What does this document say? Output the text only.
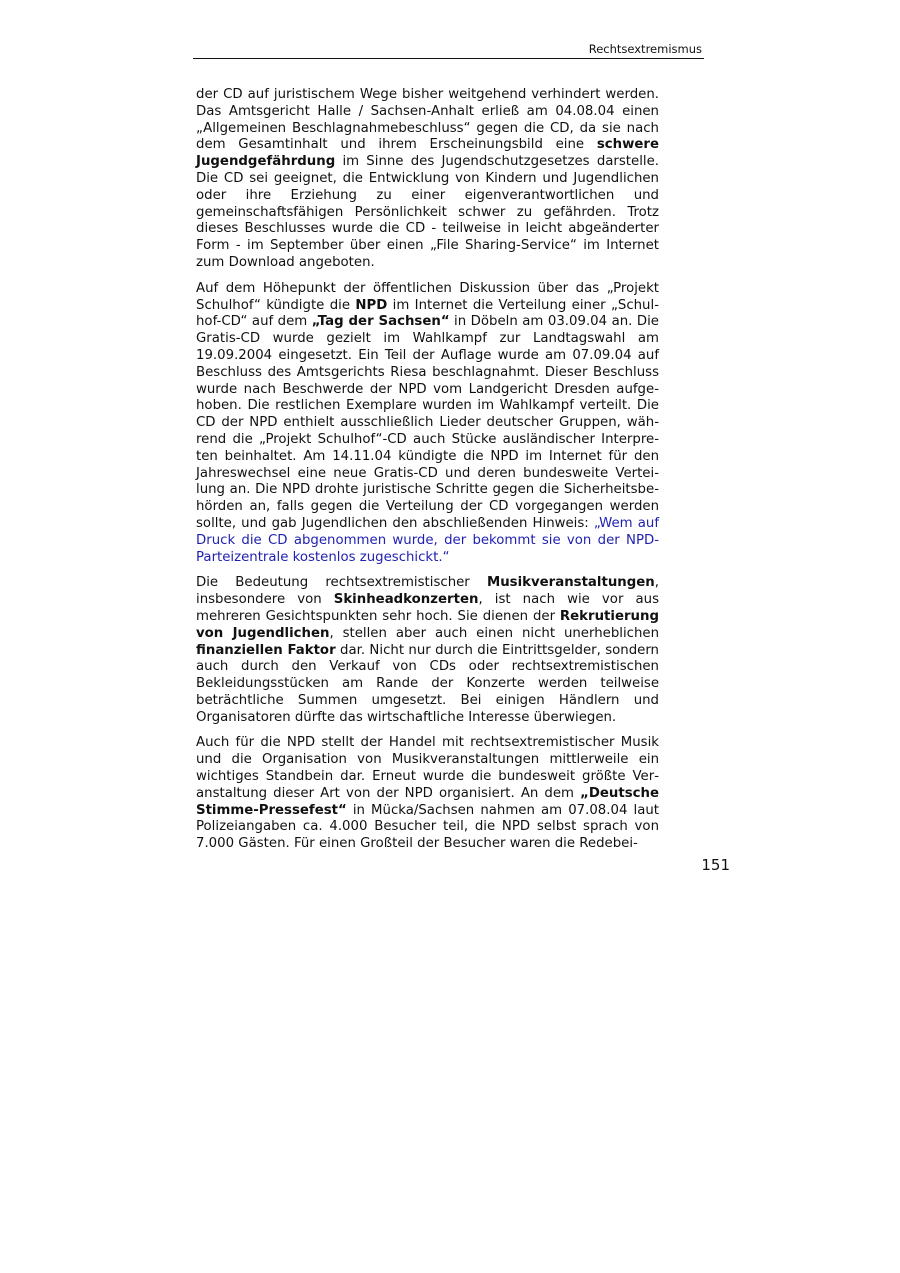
Rechtsextremismus

der CD auf juristischem Wege bisher weitgehend verhindert werden. Das Amtsgericht Halle / Sachsen-Anhalt erließ am 04.08.04 einen „Allgemeinen Beschlagnahmebeschluss“ gegen die CD, da sie nach dem Gesamtinhalt und ihrem Erscheinungsbild eine schwere Jugendgefährdung im Sinne des Jugendschutzgesetzes darstelle. Die CD sei geeignet, die Entwicklung von Kindern und Jugendlichen oder ihre Erziehung zu einer eigenverantwortlichen und gemeinschaftsfähigen Persönlichkeit schwer zu gefährden. Trotz dieses Beschlusses wurde die CD - teilweise in leicht abgeänderter Form - im September über einen „File Sharing-Service“ im Internet zum Download angeboten.

Auf dem Höhepunkt der öffentlichen Diskussion über das „Projekt Schulhof“ kündigte die NPD im Internet die Verteilung einer „Schulhof-CD“ auf dem „Tag der Sachsen“ in Döbeln am 03.09.04 an. Die Gratis-CD wurde gezielt im Wahlkampf zur Landtagswahl am 19.09.2004 eingesetzt. Ein Teil der Auflage wurde am 07.09.04 auf Beschluss des Amtsgerichts Riesa beschlagnahmt. Dieser Beschluss wurde nach Beschwerde der NPD vom Landgericht Dresden aufgehoben. Die restlichen Exemplare wurden im Wahlkampf verteilt. Die CD der NPD enthielt ausschließlich Lieder deutscher Gruppen, während die „Projekt Schulhof“-CD auch Stücke ausländischer Interpreten beinhaltet. Am 14.11.04 kündigte die NPD im Internet für den Jahreswechsel eine neue Gratis-CD und deren bundesweite Verteilung an. Die NPD drohte juristische Schritte gegen die Sicherheitsbehörden an, falls gegen die Verteilung der CD vorgegangen werden sollte, und gab Jugendlichen den abschließenden Hinweis: „Wem auf Druck die CD abgenommen wurde, der bekommt sie von der NPD-Parteizentrale kostenlos zugeschickt.“

Die Bedeutung rechtsextremistischer Musikveranstaltungen, insbesondere von Skinheadkonzerten, ist nach wie vor aus mehreren Gesichtspunkten sehr hoch. Sie dienen der Rekrutierung von Jugendlichen, stellen aber auch einen nicht unerheblichen finanziellen Faktor dar. Nicht nur durch die Eintrittsgelder, sondern auch durch den Verkauf von CDs oder rechtsextremistischen Bekleidungsstücken am Rande der Konzerte werden teilweise beträchtliche Summen umgesetzt. Bei einigen Händlern und Organisatoren dürfte das wirtschaftliche Interesse überwiegen.

Auch für die NPD stellt der Handel mit rechtsextremistischer Musik und die Organisation von Musikveranstaltungen mittlerweile ein wichtiges Standbein dar. Erneut wurde die bundesweit größte Veranstaltung dieser Art von der NPD organisiert. An dem „Deutsche Stimme-Pressefest“ in Mücka/Sachsen nahmen am 07.08.04 laut Polizeiangaben ca. 4.000 Besucher teil, die NPD selbst sprach von 7.000 Gästen. Für einen Großteil der Besucher waren die Redebei-

151
